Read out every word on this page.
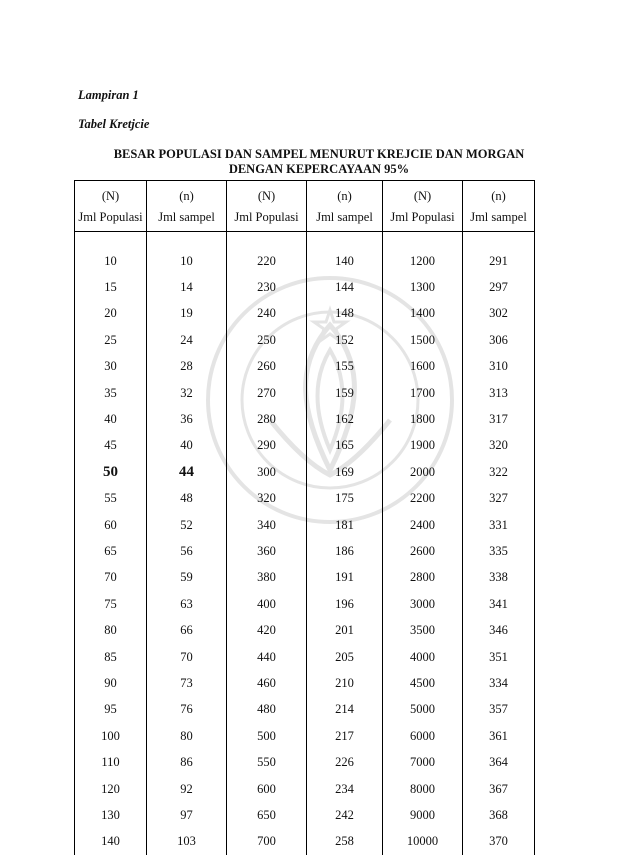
Lampiran 1
Tabel Kretjcie
BESAR POPULASI DAN SAMPEL MENURUT KREJCIE DAN MORGAN
DENGAN KEPERCAYAAN 95%
(N)	(n)	(N)	(n)	(N)	(n)
Jml Populasi	Jml sampel	Jml Populasi	Jml sampel	Jml Populasi	Jml sampel

10	10	220	140	1200	291
15	14	230	144	1300	297
20	19	240	148	1400	302
25	24	250	152	1500	306
30	28	260	155	1600	310
35	32	270	159	1700	313
40	36	280	162	1800	317
45	40	290	165	1900	320
50	44	300	169	2000	322
55	48	320	175	2200	327
60	52	340	181	2400	331
65	56	360	186	2600	335
70	59	380	191	2800	338
75	63	400	196	3000	341
80	66	420	201	3500	346
85	70	440	205	4000	351
90	73	460	210	4500	334
95	76	480	214	5000	357
100	80	500	217	6000	361
110	86	550	226	7000	364
120	92	600	234	8000	367
130	97	650	242	9000	368
140	103	700	258	10000	370
